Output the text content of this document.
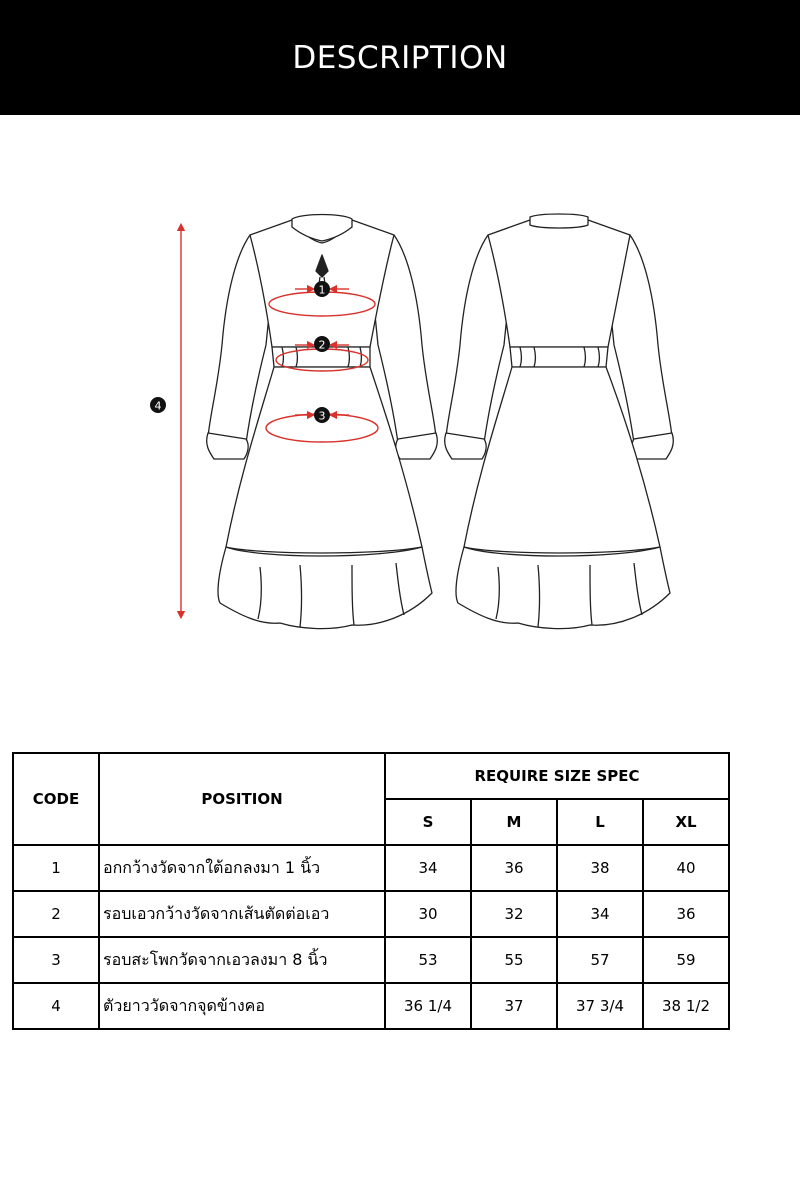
DESCRIPTION
1
2
3
4
CODE	POSITION	REQUIRE SIZE SPEC			
		S	M	L	XL
1	อกกว้างวัดจากใต้อกลงมา 1 นิ้ว	34	36	38	40
2	รอบเอวกว้างวัดจากเส้นตัดต่อเอว	30	32	34	36
3	รอบสะโพกวัดจากเอวลงมา 8 นิ้ว	53	55	57	59
4	ตัวยาววัดจากจุดข้างคอ	36 1/4	37	37 3/4	38 1/2
